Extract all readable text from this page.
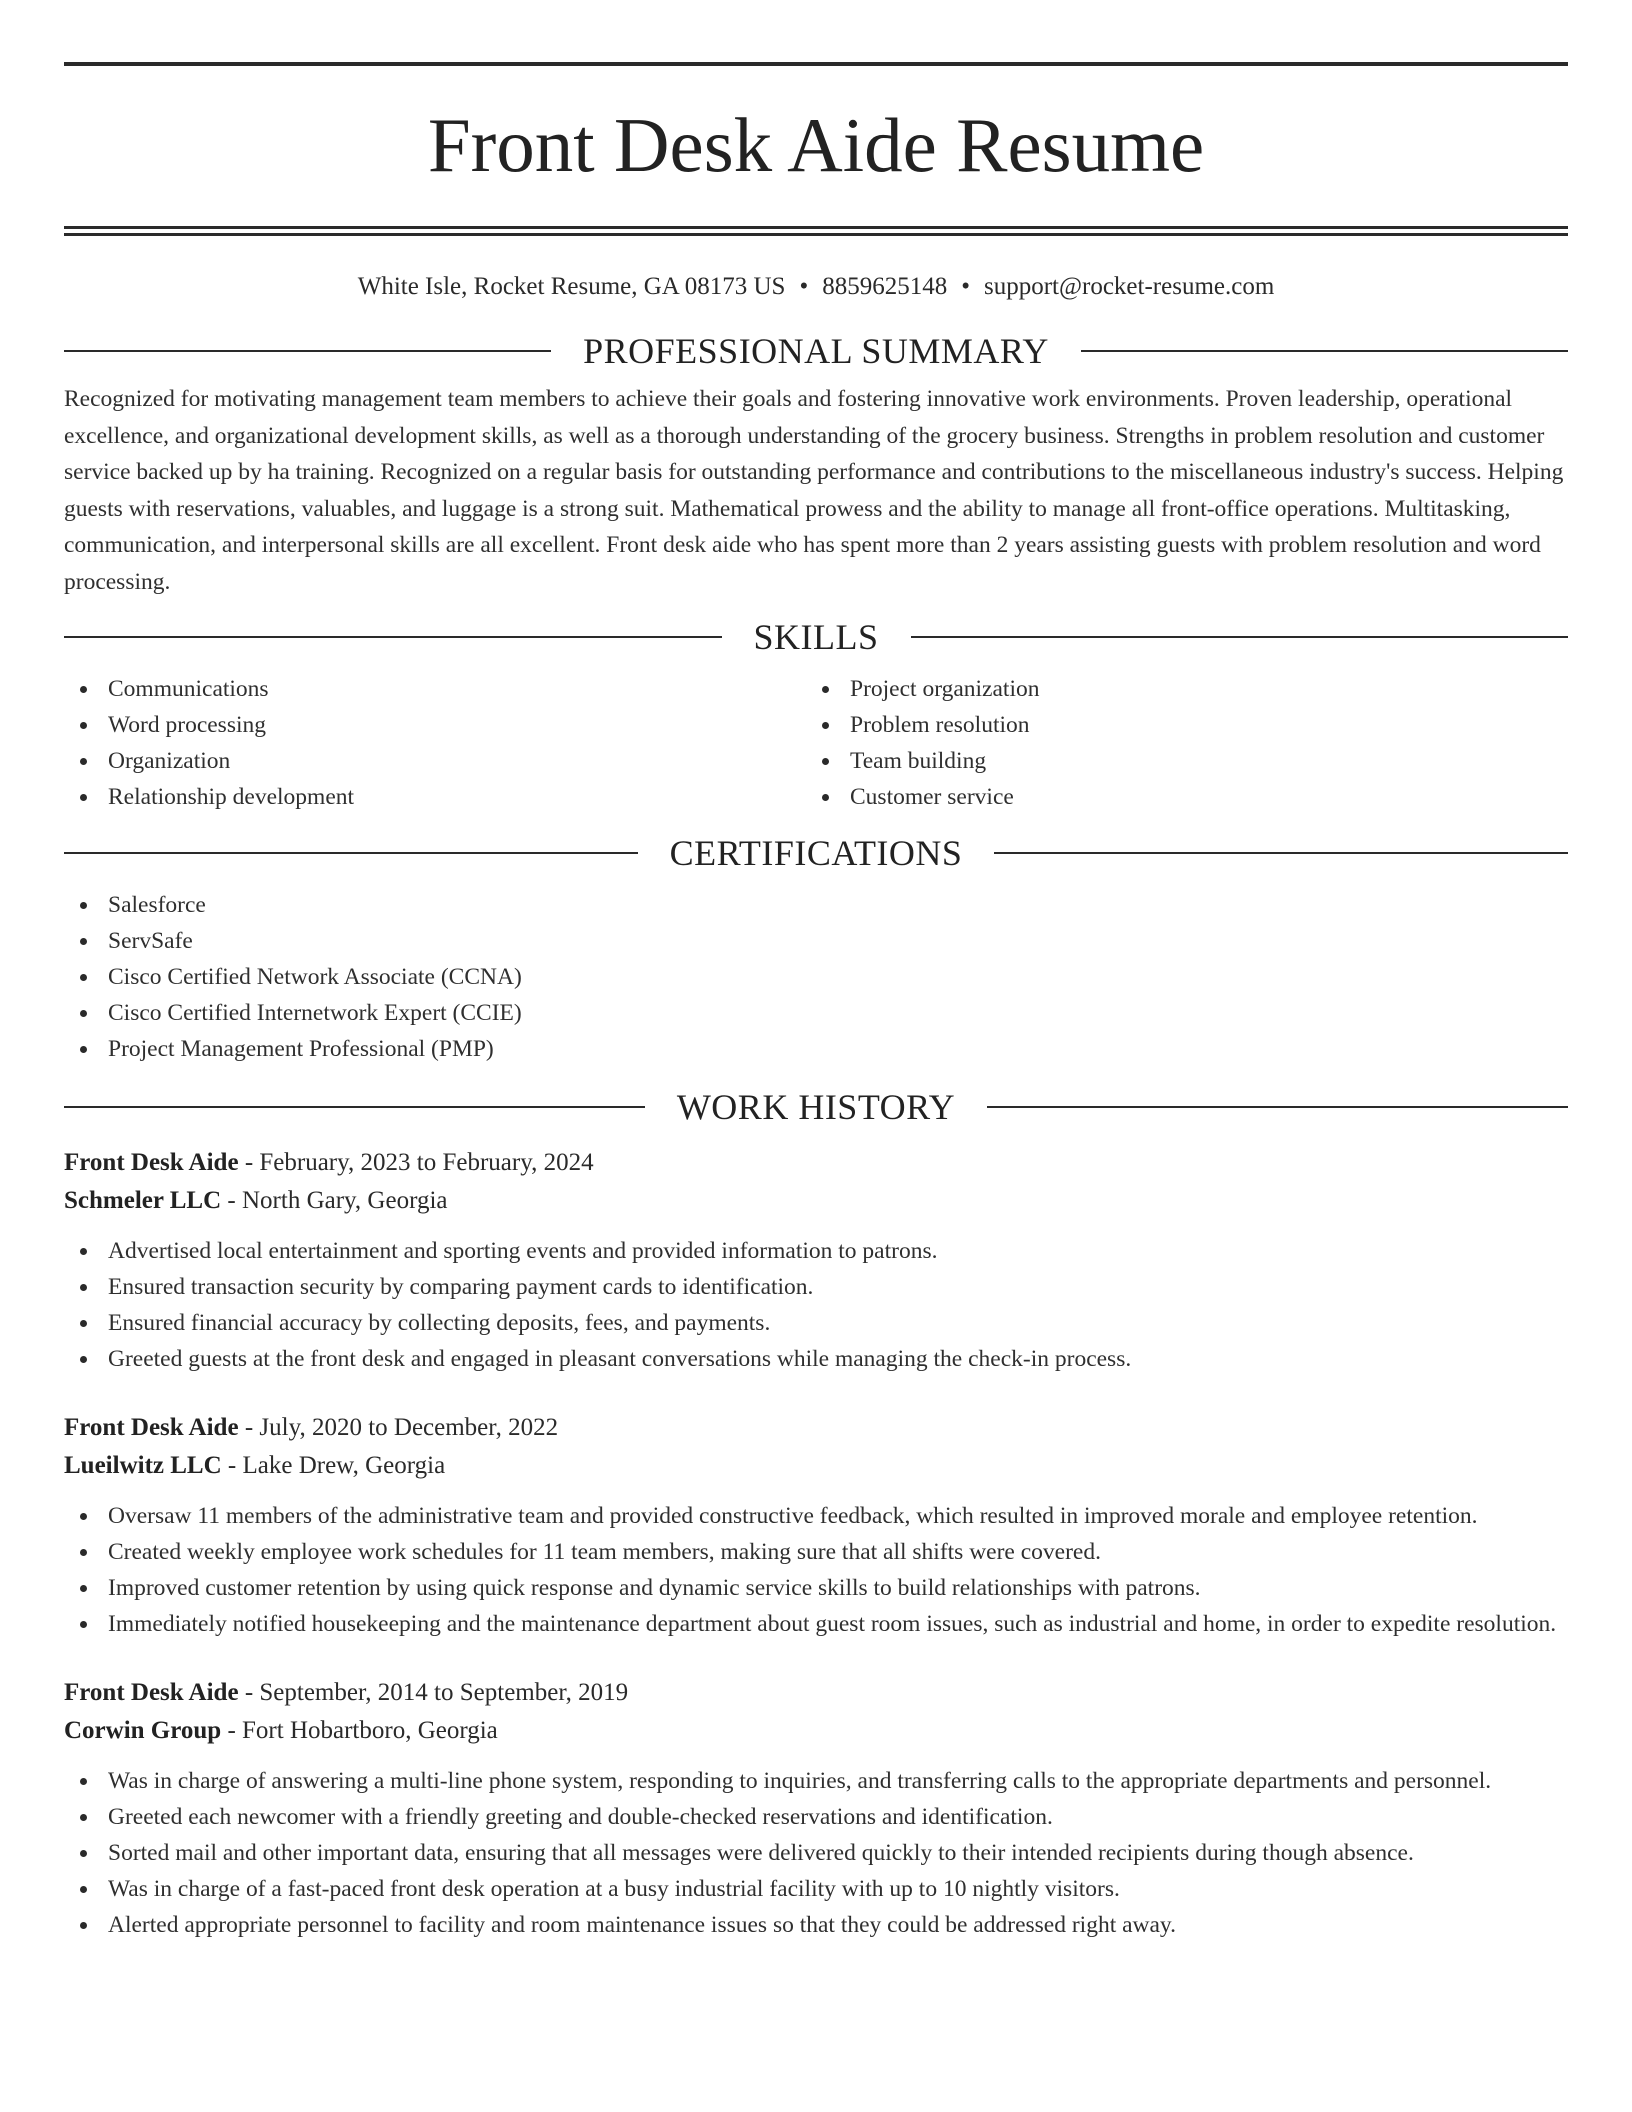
Front Desk Aide Resume
White Isle, Rocket Resume, GA 08173 US • 8859625148 • support@rocket-resume.com
PROFESSIONAL SUMMARY

Recognized for motivating management team members to achieve their goals and fostering innovative work environments. Proven leadership, operational excellence, and organizational development skills, as well as a thorough understanding of the grocery business. Strengths in problem resolution and customer service backed up by ha training. Recognized on a regular basis for outstanding performance and contributions to the miscellaneous industry's success. Helping guests with reservations, valuables, and luggage is a strong suit. Mathematical prowess and the ability to manage all front-office operations. Multitasking, communication, and interpersonal skills are all excellent. Front desk aide who has spent more than 2 years assisting guests with problem resolution and word processing.

SKILLS
Communications
Word processing
Organization
Relationship development
Project organization
Problem resolution
Team building
Customer service
CERTIFICATIONS
Salesforce
ServSafe
Cisco Certified Network Associate (CCNA)
Cisco Certified Internetwork Expert (CCIE)
Project Management Professional (PMP)
WORK HISTORY
Front Desk Aide - February, 2023 to February, 2024
Schmeler LLC - North Gary, Georgia
Advertised local entertainment and sporting events and provided information to patrons.
Ensured transaction security by comparing payment cards to identification.
Ensured financial accuracy by collecting deposits, fees, and payments.
Greeted guests at the front desk and engaged in pleasant conversations while managing the check-in process.
Front Desk Aide - July, 2020 to December, 2022
Lueilwitz LLC - Lake Drew, Georgia
Oversaw 11 members of the administrative team and provided constructive feedback, which resulted in improved morale and employee retention.
Created weekly employee work schedules for 11 team members, making sure that all shifts were covered.
Improved customer retention by using quick response and dynamic service skills to build relationships with patrons.
Immediately notified housekeeping and the maintenance department about guest room issues, such as industrial and home, in order to expedite resolution.
Front Desk Aide - September, 2014 to September, 2019
Corwin Group - Fort Hobartboro, Georgia
Was in charge of answering a multi-line phone system, responding to inquiries, and transferring calls to the appropriate departments and personnel.
Greeted each newcomer with a friendly greeting and double-checked reservations and identification.
Sorted mail and other important data, ensuring that all messages were delivered quickly to their intended recipients during though absence.
Was in charge of a fast-paced front desk operation at a busy industrial facility with up to 10 nightly visitors.
Alerted appropriate personnel to facility and room maintenance issues so that they could be addressed right away.
